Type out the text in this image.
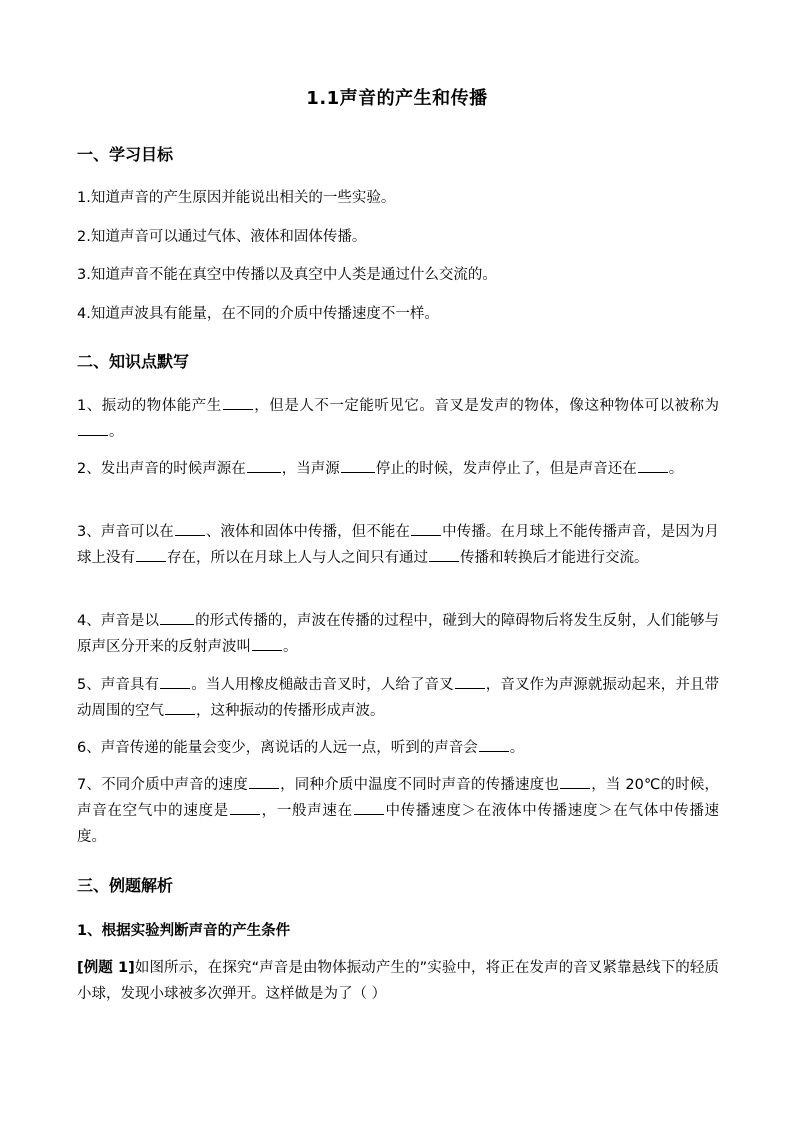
1.1声音的产生和传播
一、学习目标
1.知道声音的产生原因并能说出相关的一些实验。
2.知道声音可以通过气体、液体和固体传播。
3.知道声音不能在真空中传播以及真空中人类是通过什么交流的。
4.知道声波具有能量，在不同的介质中传播速度不一样。
二、知识点默写
1、振动的物体能产生 ，但是人不一定能听见它。音叉是发声的物体，像这种物体可以被称为。
2、发出声音的时候声源在 ，当声源 停止的时候，发声停止了，但是声音还在 。
3、声音可以在 、液体和固体中传播，但不能在 中传播。在月球上不能传播声音，是因为月球上没有 存在，所以在月球上人与人之间只有通过 传播和转换后才能进行交流。
4、声音是以 的形式传播的，声波在传播的过程中，碰到大的障碍物后将发生反射，人们能够与原声区分开来的反射声波叫 。
5、声音具有 。当人用橡皮槌敲击音叉时，人给了音叉 ，音叉作为声源就振动起来，并且带动周围的空气 ，这种振动的传播形成声波。
6、声音传递的能量会变少，离说话的人远一点，听到的声音会 。
7、不同介质中声音的速度 ，同种介质中温度不同时声音的传播速度也 ，当 20℃的时候，声音在空气中的速度是 ，一般声速在 中传播速度＞在液体中传播速度＞在气体中传播速度。
三、例题解析
1、根据实验判断声音的产生条件
[例题 1]如图所示，在探究“声音是由物体振动产生的”实验中，将正在发声的音叉紧靠悬线下的轻质小球，发现小球被多次弹开。这样做是为了（ ）
